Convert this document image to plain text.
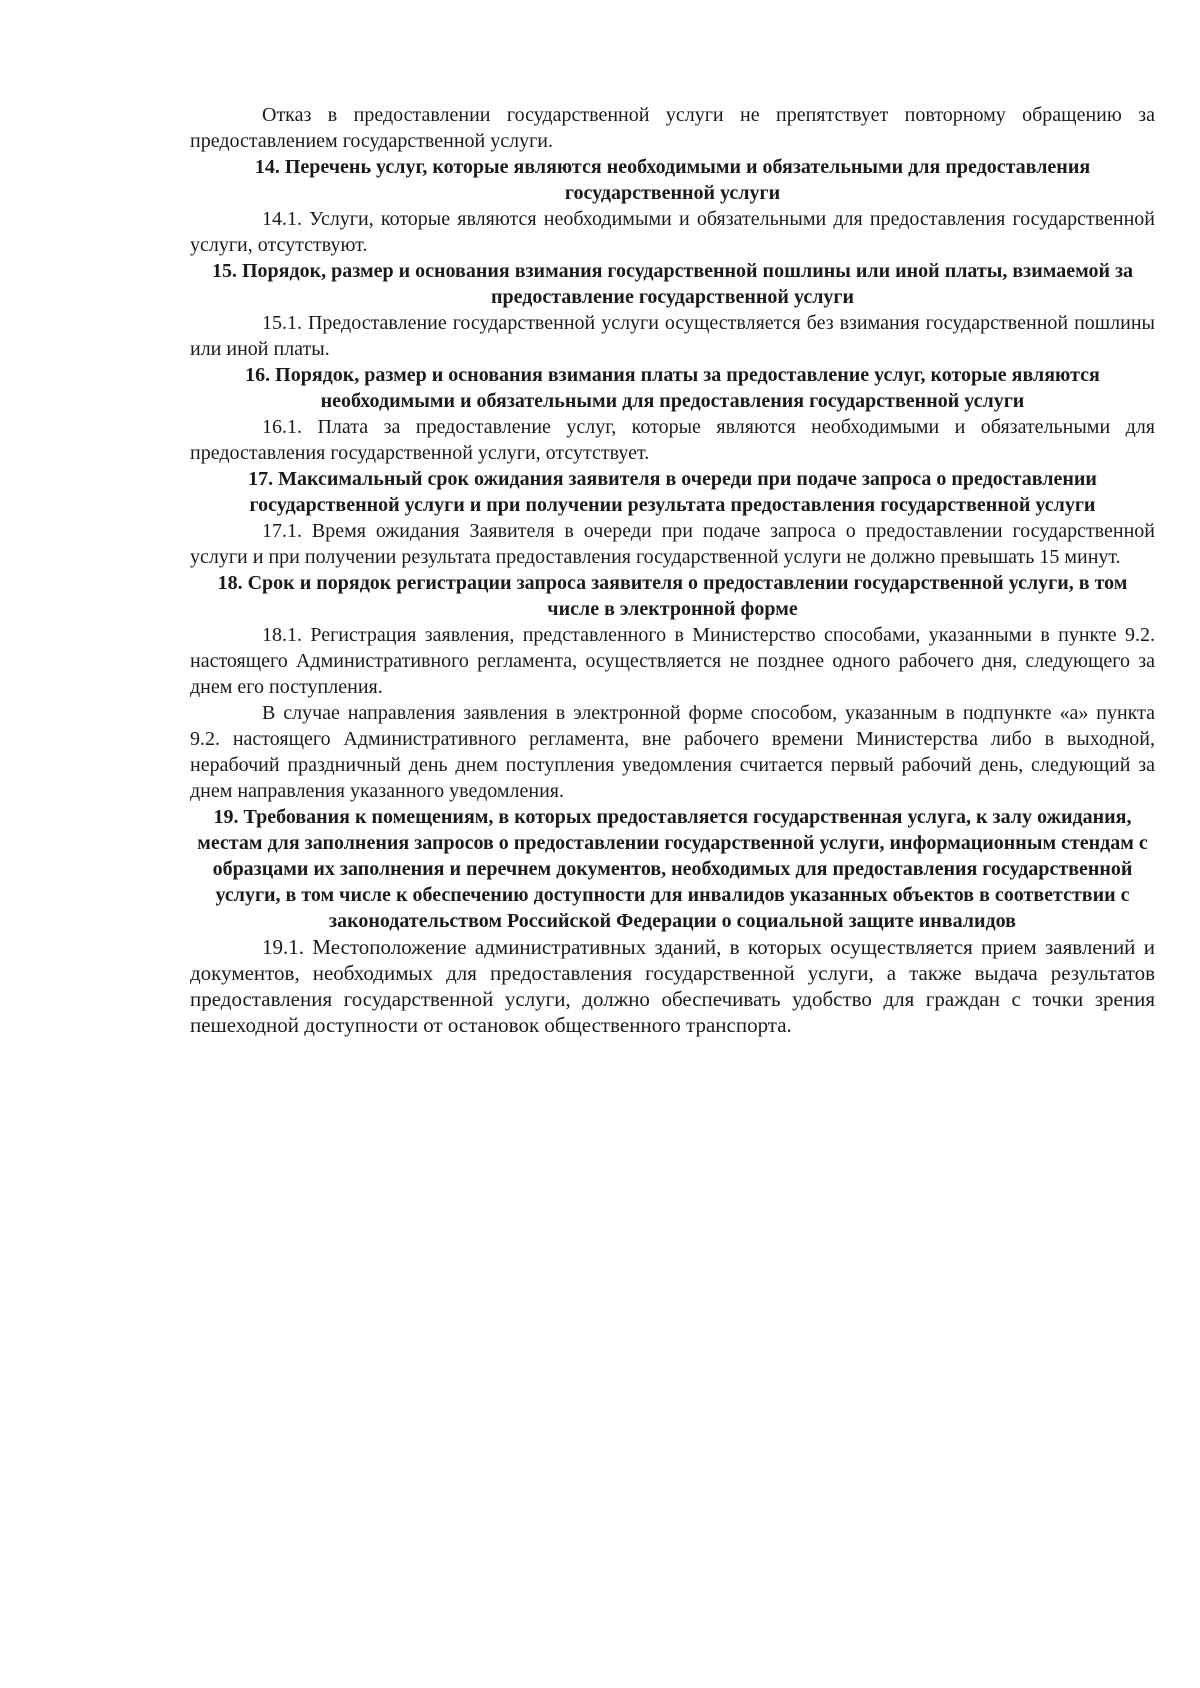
Отказ в предоставлении государственной услуги не препятствует повторному обращению за предоставлением государственной услуги.

14. Перечень услуг, которые являются необходимыми и обязательными для предоставления государственной услуги

14.1. Услуги, которые являются необходимыми и обязательными для предоставления государственной услуги, отсутствуют.

15. Порядок, размер и основания взимания государственной пошлины или иной платы, взимаемой за предоставление государственной услуги

15.1. Предоставление государственной услуги осуществляется без взимания государственной пошлины или иной платы.

16. Порядок, размер и основания взимания платы за предоставление услуг, которые являются необходимыми и обязательными для предоставления государственной услуги

16.1. Плата за предоставление услуг, которые являются необходимыми и обязательными для предоставления государственной услуги, отсутствует.

17. Максимальный срок ожидания заявителя в очереди при подаче запроса о предоставлении государственной услуги и при получении результата предоставления государственной услуги

17.1. Время ожидания Заявителя в очереди при подаче запроса о предоставлении государственной услуги и при получении результата предоставления государственной услуги не должно превышать 15 минут.

18. Срок и порядок регистрации запроса заявителя о предоставлении государственной услуги, в том числе в электронной форме

18.1. Регистрация заявления, представленного в Министерство способами, указанными в пункте 9.2. настоящего Административного регламента, осуществляется не позднее одного рабочего дня, следующего за днем его поступления.

В случае направления заявления в электронной форме способом, указанным в подпункте «а» пункта 9.2. настоящего Административного регламента, вне рабочего времени Министерства либо в выходной, нерабочий праздничный день днем поступления уведомления считается первый рабочий день, следующий за днем направления указанного уведомления.

19. Требования к помещениям, в которых предоставляется государственная услуга, к залу ожидания, местам для заполнения запросов о предоставлении государственной услуги, информационным стендам с образцами их заполнения и перечнем документов, необходимых для предоставления государственной услуги, в том числе к обеспечению доступности для инвалидов указанных объектов в соответствии с законодательством Российской Федерации о социальной защите инвалидов

19.1. Местоположение административных зданий, в которых осуществляется прием заявлений и документов, необходимых для предоставления государственной услуги, а также выдача результатов предоставления государственной услуги, должно обеспечивать удобство для граждан с точки зрения пешеходной доступности от остановок общественного транспорта.
